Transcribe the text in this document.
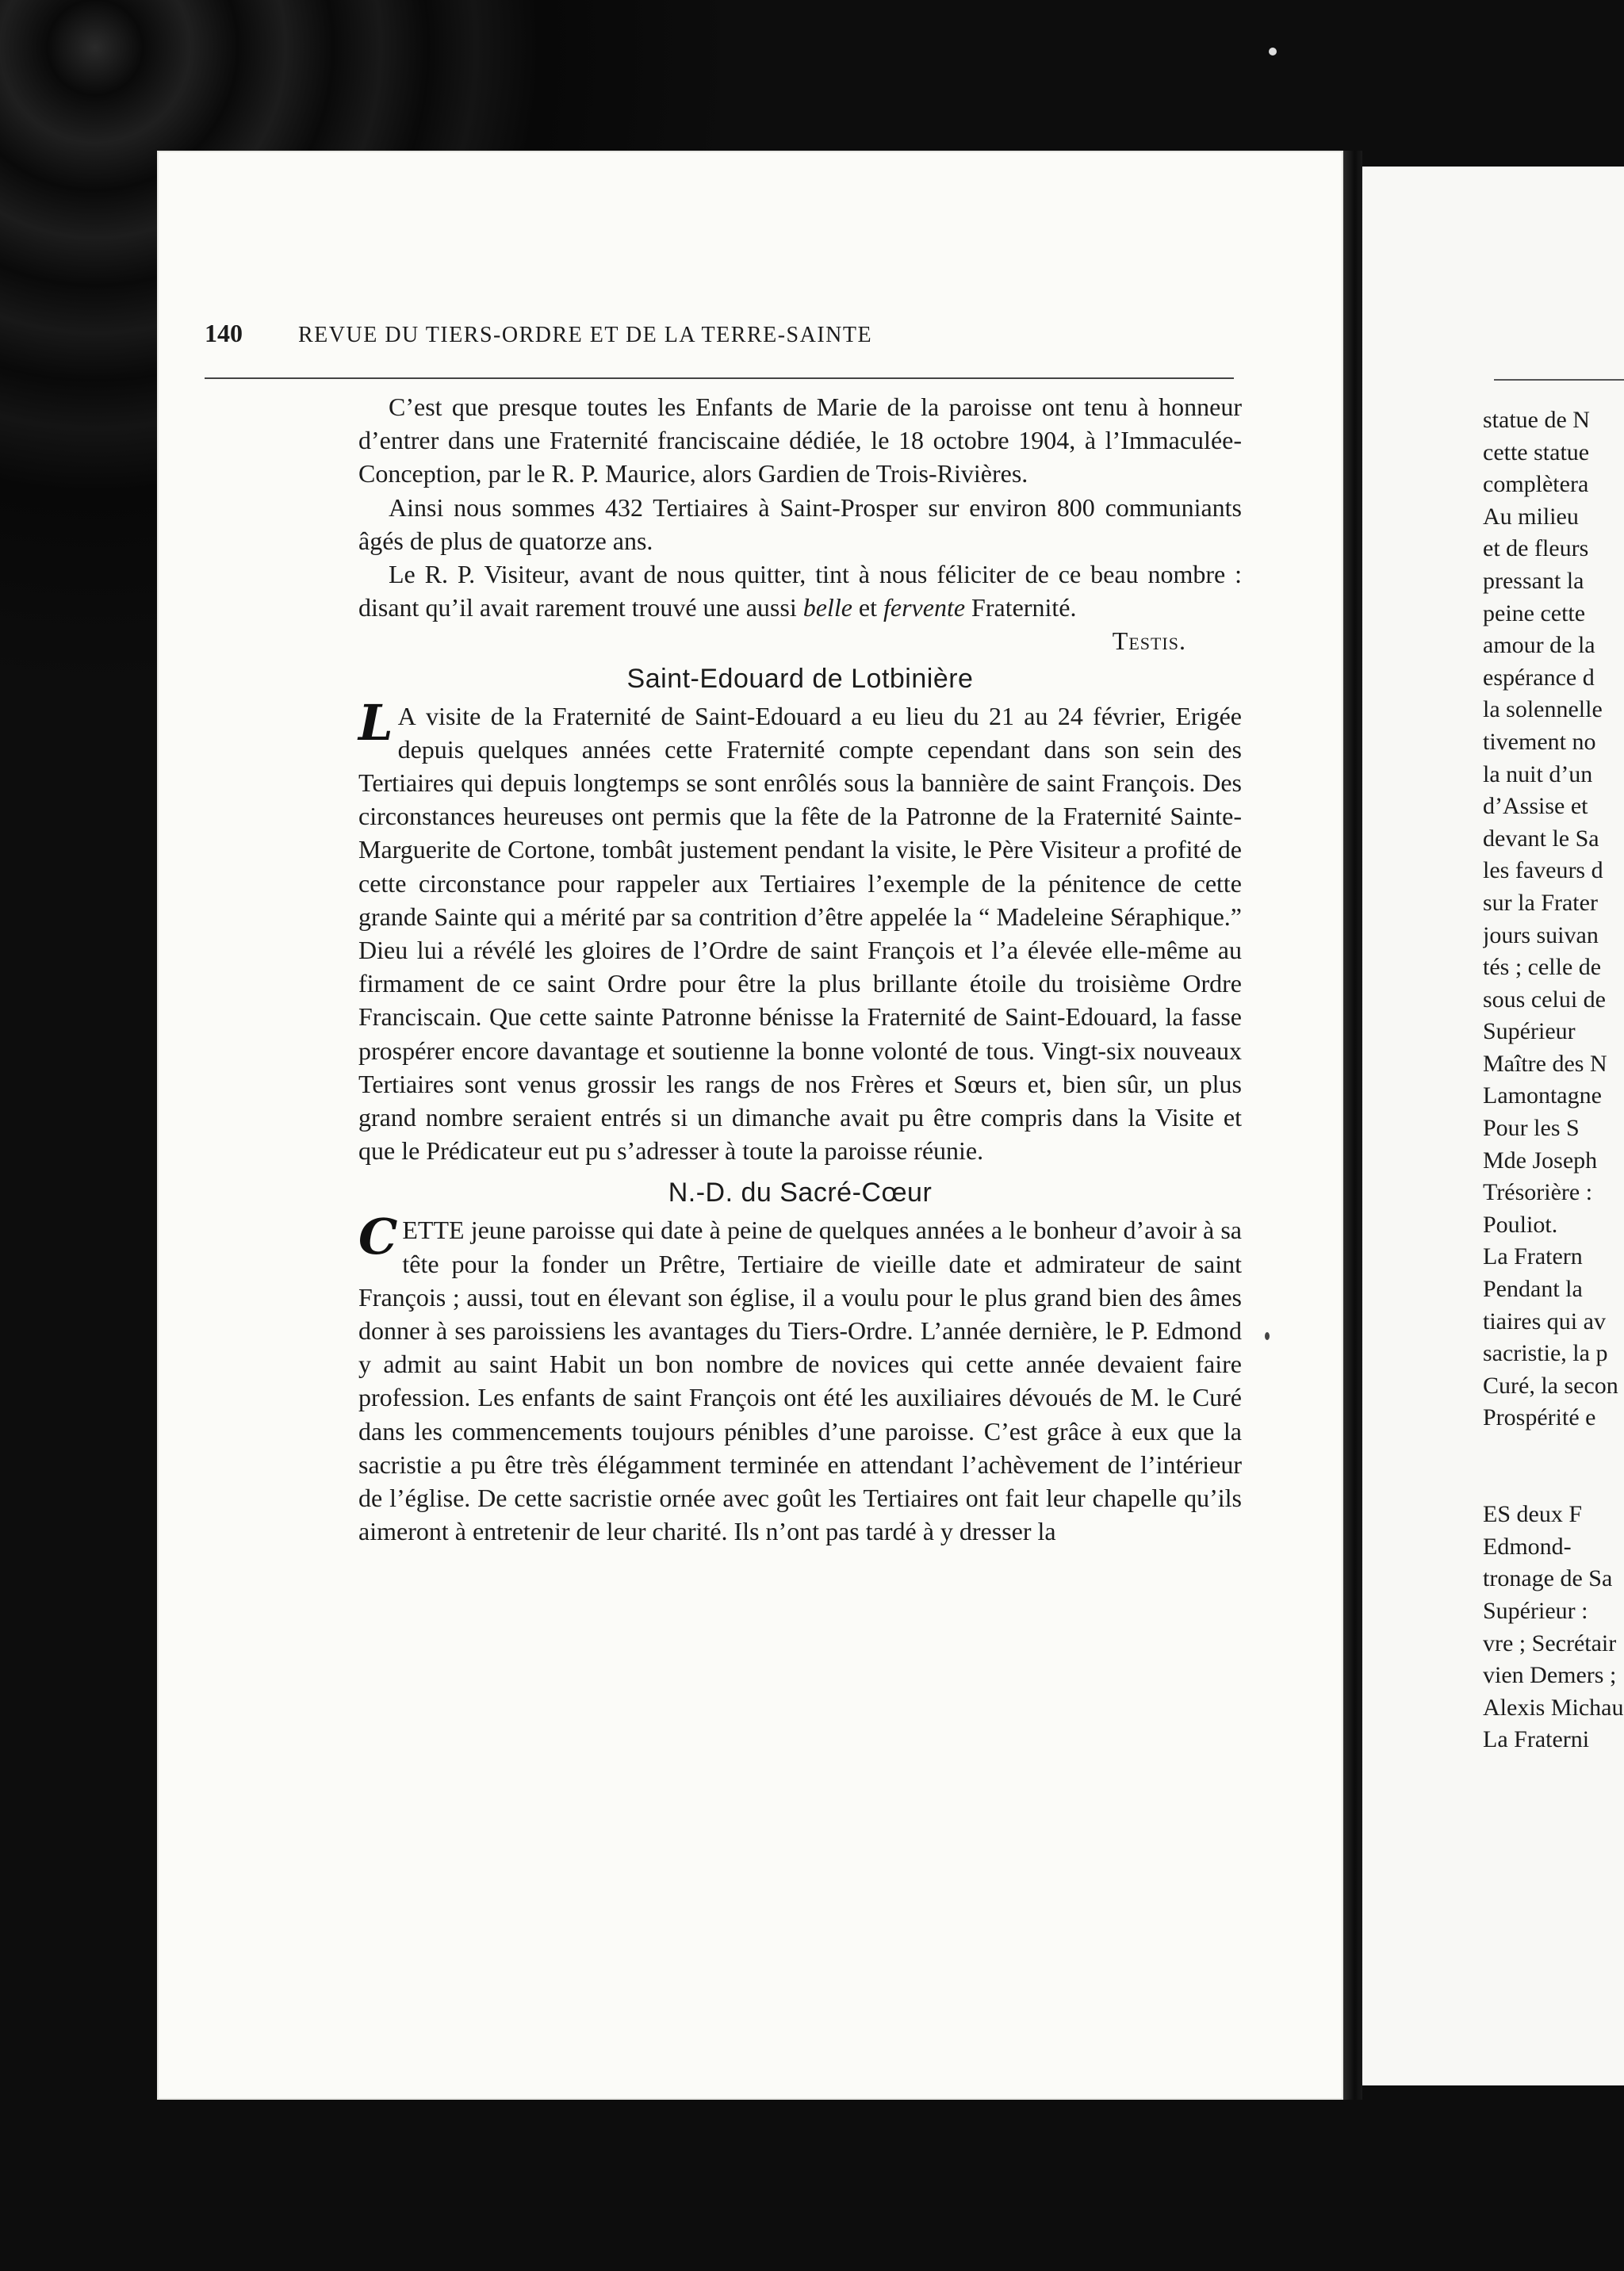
140	REVUE DU TIERS-ORDRE ET DE LA TERRE-SAINTE

C’est que presque toutes les Enfants de Marie de la paroisse ont tenu à honneur d’entrer dans une Fraternité franciscaine dédiée, le 18 octobre 1904, à l’Immaculée-Conception, par le R. P. Maurice, alors Gardien de Trois-Rivières.

Ainsi nous sommes 432 Tertiaires à Saint-Prosper sur environ 800 communiants âgés de plus de quatorze ans.

Le R. P. Visiteur, avant de nous quitter, tint à nous féliciter de ce beau nombre : disant qu’il avait rarement trouvé une aussi belle et fervente Fraternité.

Testis.
Saint-Edouard de Lotbinière

L A visite de la Fraternité de Saint-Edouard a eu lieu du 21 au 24 février, Erigée depuis quelques années cette Fraternité compte cependant dans son sein des Tertiaires qui depuis longtemps se sont enrôlés sous la bannière de saint François. Des circonstances heureuses ont permis que la fête de la Patronne de la Fraternité Sainte-Marguerite de Cortone, tombât justement pendant la visite, le Père Visiteur a profité de cette circonstance pour rappeler aux Tertiaires l’exemple de la pénitence de cette grande Sainte qui a mérité par sa contrition d’être appelée la “ Madeleine Séraphique.” Dieu lui a révélé les gloires de l’Ordre de saint François et l’a élevée elle-même au firmament de ce saint Ordre pour être la plus brillante étoile du troisième Ordre Franciscain. Que cette sainte Patronne bénisse la Fraternité de Saint-Edouard, la fasse prospérer encore davantage et soutienne la bonne volonté de tous. Vingt-six nouveaux Tertiaires sont venus grossir les rangs de nos Frères et Sœurs et, bien sûr, un plus grand nombre seraient entrés si un dimanche avait pu être compris dans la Visite et que le Prédicateur eut pu s’adresser à toute la paroisse réunie.

N.-D. du Sacré-Cœur

CETTE jeune paroisse qui date à peine de quelques années a le bonheur d’avoir à sa tête pour la fonder un Prêtre, Tertiaire de vieille date et admirateur de saint François ; aussi, tout en élevant son église, il a voulu pour le plus grand bien des âmes donner à ses paroissiens les avantages du Tiers-Ordre. L’année dernière, le P. Edmond y admit au saint Habit un bon nombre de novices qui cette année devaient faire profession. Les enfants de saint François ont été les auxiliaires dévoués de M. le Curé dans les commencements toujours pénibles d’une paroisse. C’est grâce à eux que la sacristie a pu être très élégamment terminée en attendant l’achèvement de l’intérieur de l’église. De cette sacristie ornée avec goût les Tertiaires ont fait leur chapelle qu’ils aimeront à entretenir de leur charité. Ils n’ont pas tardé à y dresser la

statue de N
cette statue
complètera
Au milieu
et de fleurs
pressant la
peine cette
amour de la
espérance d
la solennelle
tivement no
la nuit d’un
d’Assise et
devant le Sa
les faveurs d
sur la Frater
jours suivan
tés ; celle de
sous celui de
Supérieur
Maître des N
Lamontagne
Pour les S
Mde Joseph
Trésorière :
Pouliot.
La Fratern
Pendant la
tiaires qui av
sacristie, la p
Curé, la secon
Prospérité e
ES deux F
Edmond-
tronage de Sa
Supérieur :
vre ; Secrétair
vien Demers ;
Alexis Michau
La Fraterni
